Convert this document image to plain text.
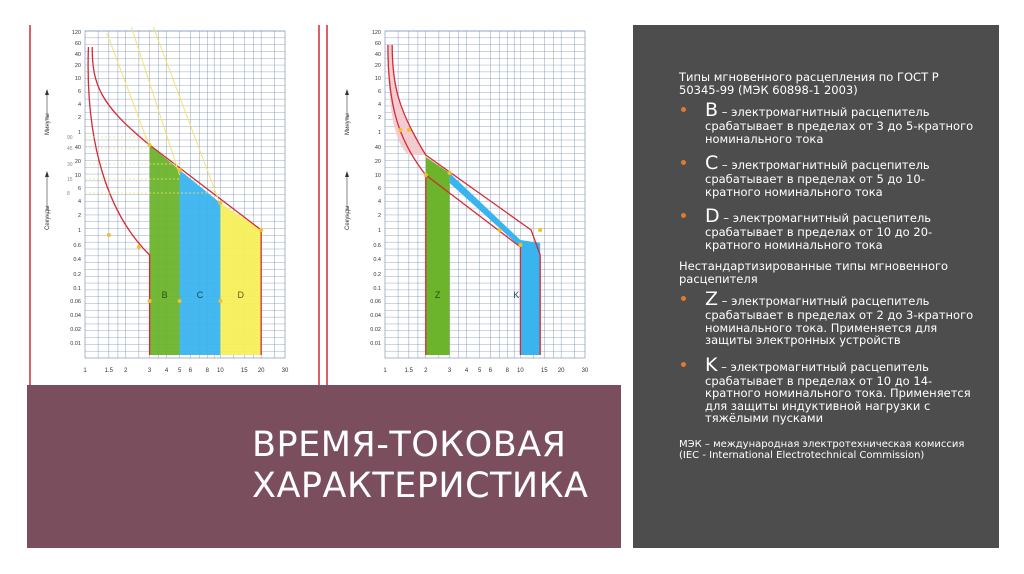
120
60
40
20
10
6
4
2
1
40
20
10
6
4
2
1
0.6
0.4
0.2
0.1
0.06
0.04
0.02
0.01
1	1.5 2	3 4 5 6 8 10	15 20	30
Минуты
Секунды
90
45
30
15
8
B	C	D
120
60
40
20
10
6
4
2
1
40
20
10
6
4
2
1
0.6
0.4
0.2
0.1
0.06
0.04
0.02
0.01
1	1.5 2	3 4 5 6 8 10	15 20	30
Минуты
Секунды
Z	K
ВРЕМЯ-ТОКОВАЯ
ХАРАКТЕРИСТИКА

Типы мгновенного расцепления по ГОСТ Р 50345-99 (МЭК 60898-1 2003)

B – электромагнитный расцепитель срабатывает в пределах от 3 до 5-кратного номинального тока
C – электромагнитный расцепитель срабатывает в пределах от 5 до 10-кратного номинального тока
D – электромагнитный расцепитель срабатывает в пределах от 10 до 20-кратного номинального тока

Нестандартизированные типы мгновенного расцепителя

Z – электромагнитный расцепитель срабатывает в пределах от 2 до 3-кратного номинального тока. Применяется для защиты электронных устройств
K – электромагнитный расцепитель срабатывает в пределах от 10 до 14-кратного номинального тока. Применяется для защиты индуктивной нагрузки с тяжёлыми пусками

МЭК – международная электротехническая комиссия (IEC - International Electrotechnical Commission)
